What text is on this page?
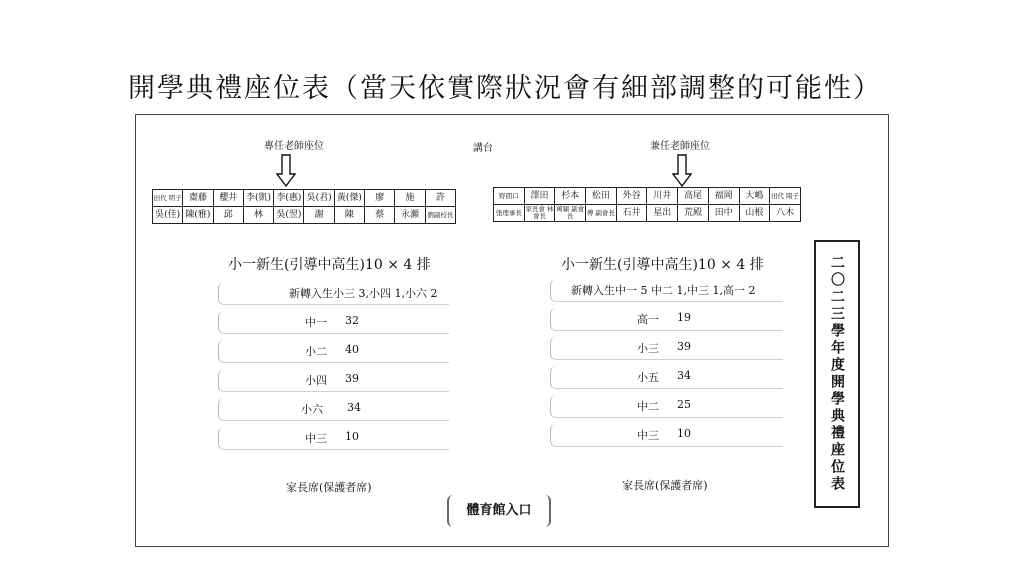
開學典禮座位表（當天依實際狀況會有細部調整的可能性）
專任老師座位	講台	兼任老師座位
田代 明子	齋藤	櫻井	李(凱)	李(惠)	吳(君)	黃(傑)	廖	施	許
吳(佳)	陳(雅)	邱	林	吳(翌)	謝	陳	蔡	永瀬	劉副校長
野間口	澤田	杉本	松田	外谷	川井	高尾	福岡	大嶋	田代 陽子
張理事長	家長會 林會長	萬穎 副會長	傅 副會長	石井	星出	荒殿	田中	山根	八木
小一新生(引導中高生)10 × 4 排
新轉入生小三 3,小四 1,小六 2
中一 32
小二 40
小四 39
小六 34
中三 10
家長席(保護者席)
小一新生(引導中高生)10 × 4 排
新轉入生中一 5 中二 1,中三 1,高一 2
高一 19
小三 39
小五 34
中二 25
中三 10
家長席(保護者席)
體育館入口
二〇二三學年度開學典禮座位表
